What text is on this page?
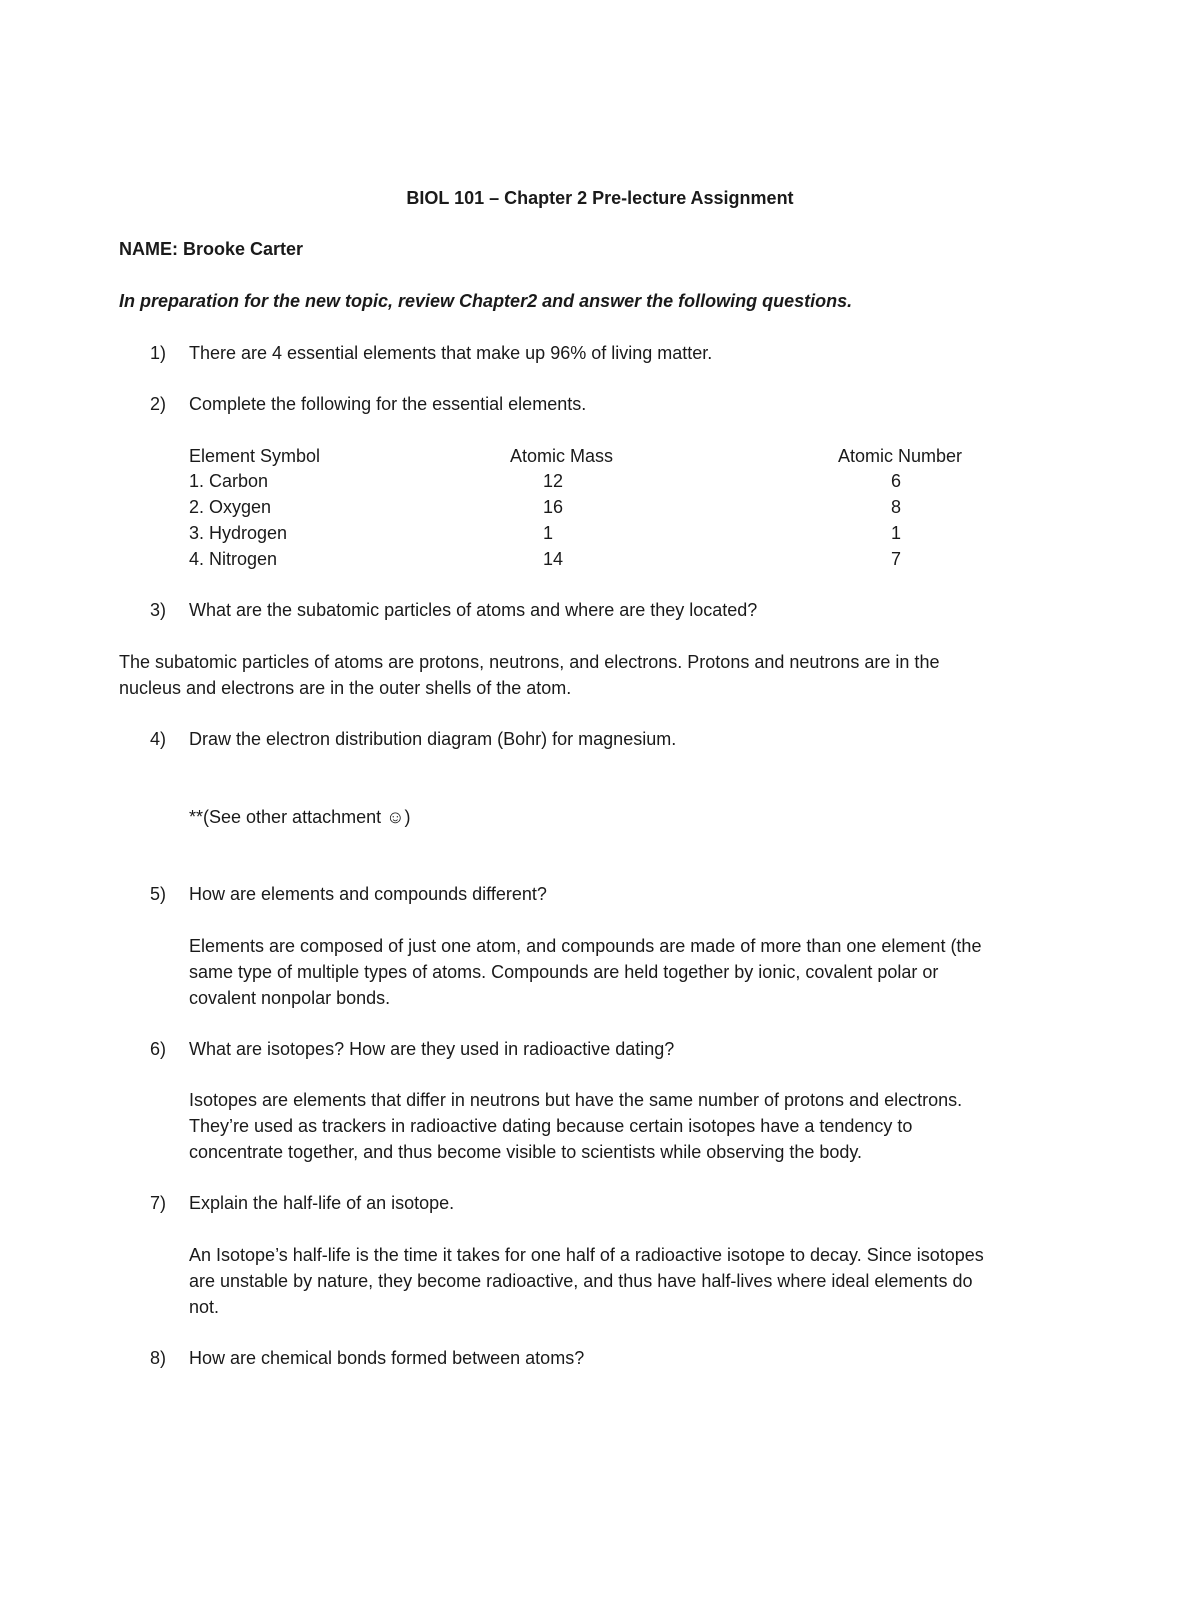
BIOL 101 – Chapter 2 Pre-lecture Assignment
NAME: Brooke Carter
In preparation for the new topic, review Chapter2 and answer the following questions.
1) There are 4 essential elements that make up 96% of living matter.
2) Complete the following for the essential elements.
Element Symbol	Atomic Mass	Atomic Number
1. Carbon	12	6
2. Oxygen	16	8
3. Hydrogen	1	1
4. Nitrogen	14	7
3) What are the subatomic particles of atoms and where are they located?
The subatomic particles of atoms are protons, neutrons, and electrons. Protons and neutrons are in the
nucleus and electrons are in the outer shells of the atom.
4) Draw the electron distribution diagram (Bohr) for magnesium.
**(See other attachment ☺)
5) How are elements and compounds different?
Elements are composed of just one atom, and compounds are made of more than one element (the
same type of multiple types of atoms. Compounds are held together by ionic, covalent polar or
covalent nonpolar bonds.
6) What are isotopes? How are they used in radioactive dating?
Isotopes are elements that differ in neutrons but have the same number of protons and electrons.
They’re used as trackers in radioactive dating because certain isotopes have a tendency to
concentrate together, and thus become visible to scientists while observing the body.
7) Explain the half-life of an isotope.
An Isotope’s half-life is the time it takes for one half of a radioactive isotope to decay. Since isotopes
are unstable by nature, they become radioactive, and thus have half-lives where ideal elements do
not.
8) How are chemical bonds formed between atoms?
